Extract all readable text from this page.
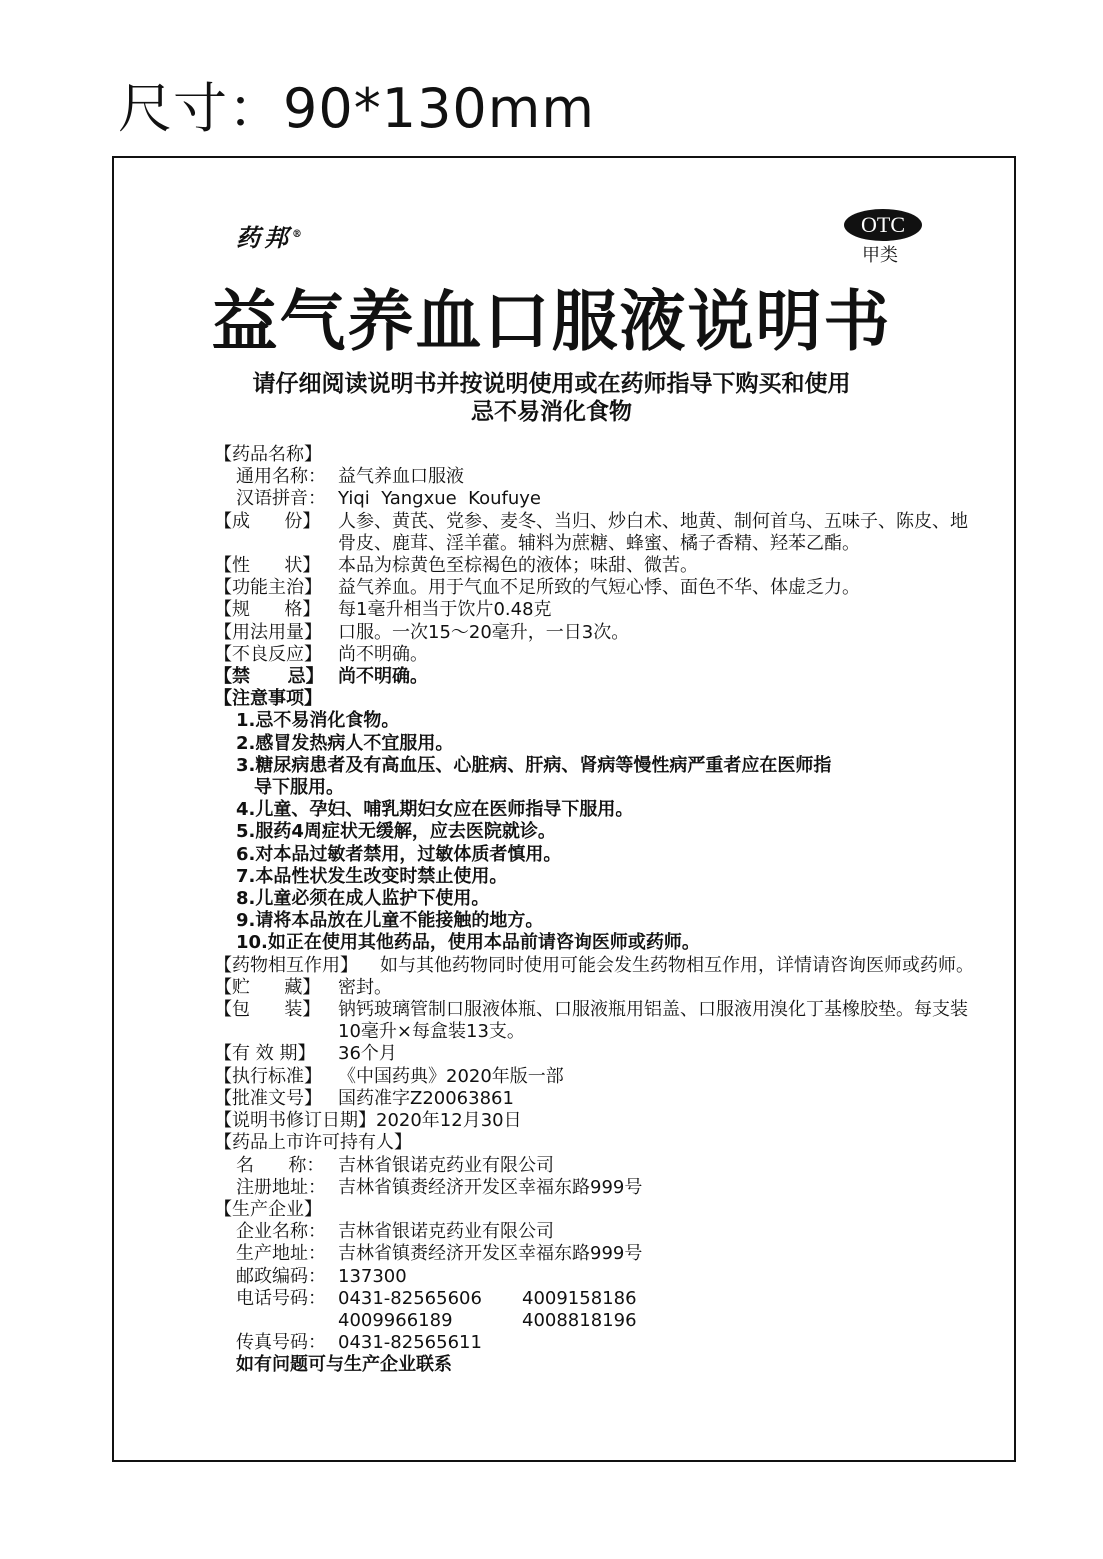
尺寸：90*130mm
药邦®	OTC
甲类
益气养血口服液说明书
请仔细阅读说明书并按说明使用或在药师指导下购买和使用
忌不易消化食物
【药品名称】
通用名称： 益气养血口服液
汉语拼音： Yiqi  Yangxue  Koufuye
【成      份】 人参、黄芪、党参、麦冬、当归、炒白术、地黄、制何首乌、五味子、陈皮、地骨皮、鹿茸、淫羊藿。辅料为蔗糖、蜂蜜、橘子香精、羟苯乙酯。
【性      状】 本品为棕黄色至棕褐色的液体；味甜、微苦。
【功能主治】 益气养血。用于气血不足所致的气短心悸、面色不华、体虚乏力。
【规      格】 每1毫升相当于饮片0.48克
【用法用量】 口服。一次15～20毫升，一日3次。
【不良反应】 尚不明确。
【禁      忌】 尚不明确。
【注意事项】
1.忌不易消化食物。
2.感冒发热病人不宜服用。
3.糖尿病患者及有高血压、心脏病、肝病、肾病等慢性病严重者应在医师指
导下服用。
4.儿童、孕妇、哺乳期妇女应在医师指导下服用。
5.服药4周症状无缓解，应去医院就诊。
6.对本品过敏者禁用，过敏体质者慎用。
7.本品性状发生改变时禁止使用。
8.儿童必须在成人监护下使用。
9.请将本品放在儿童不能接触的地方。
10.如正在使用其他药品，使用本品前请咨询医师或药师。
【药物相互作用】	如与其他药物同时使用可能会发生药物相互作用，详情请咨询医师或药师。
【贮      藏】 密封。
【包      装】 钠钙玻璃管制口服液体瓶、口服液瓶用铝盖、口服液用溴化丁基橡胶垫。每支装10毫升×每盒装13支。
【有 效 期】	36个月
【执行标准】 《中国药典》2020年版一部
【批准文号】 国药准字Z20063861
【说明书修订日期】 2020年12月30日
【药品上市许可持有人】
名      称： 吉林省银诺克药业有限公司
注册地址： 吉林省镇赉经济开发区幸福东路999号
【生产企业】
企业名称： 吉林省银诺克药业有限公司
生产地址： 吉林省镇赉经济开发区幸福东路999号
邮政编码： 137300
电话号码： 0431-82565606	4009158186
4009966189	4008818196
传真号码： 0431-82565611
如有问题可与生产企业联系
